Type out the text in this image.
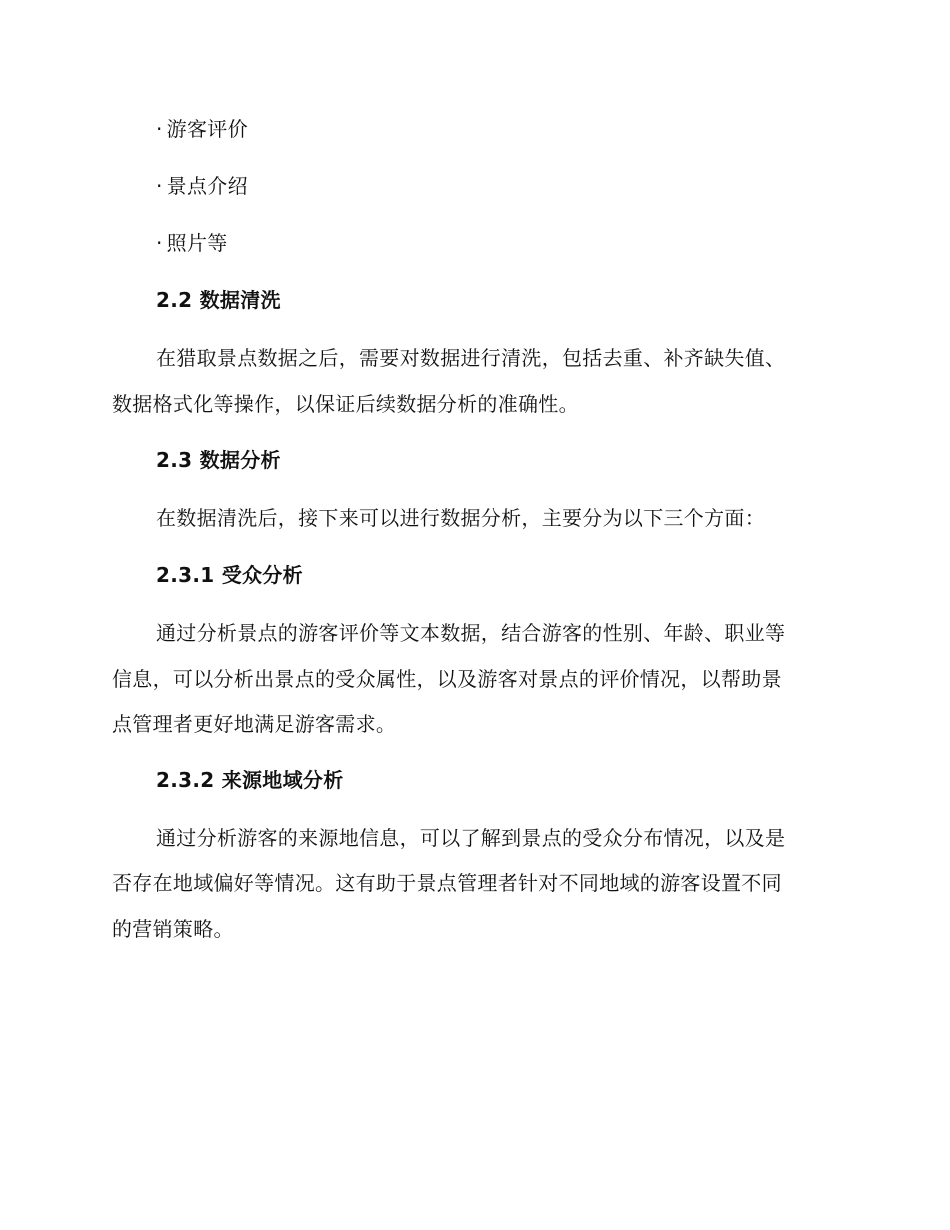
· 游客评价
· 景点介绍
· 照片等
2.2 数据清洗
在猎取景点数据之后，需要对数据进行清洗，包括去重、补齐缺失值、
数据格式化等操作，以保证后续数据分析的准确性。
2.3 数据分析
在数据清洗后，接下来可以进行数据分析，主要分为以下三个方面：
2.3.1 受众分析
通过分析景点的游客评价等文本数据，结合游客的性别、年龄、职业等
信息，可以分析出景点的受众属性，以及游客对景点的评价情况，以帮助景
点管理者更好地满足游客需求。
2.3.2 来源地域分析
通过分析游客的来源地信息，可以了解到景点的受众分布情况，以及是
否存在地域偏好等情况。这有助于景点管理者针对不同地域的游客设置不同
的营销策略。
